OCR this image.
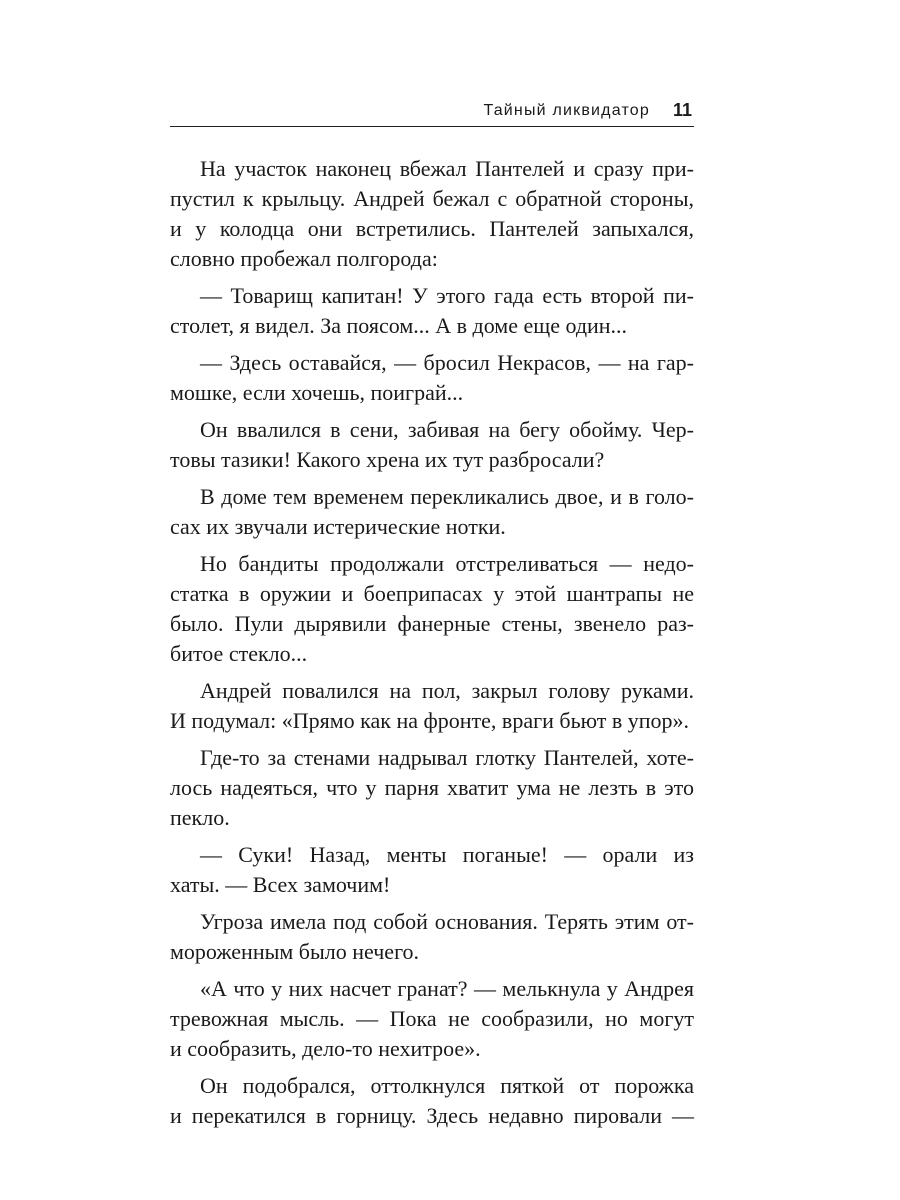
Тайный ликвидатор 11
На участок наконец вбежал Пантелей и сразу при-
пустил к крыльцу. Андрей бежал с обратной стороны,
и у колодца они встретились. Пантелей запыхался,
словно пробежал полгорода:
— Товарищ капитан! У этого гада есть второй пи-
столет, я видел. За поясом... А в доме еще один...
— Здесь оставайся, — бросил Некрасов, — на гар-
мошке, если хочешь, поиграй...
Он ввалился в сени, забивая на бегу обойму. Чер-
товы тазики! Какого хрена их тут разбросали?
В доме тем временем перекликались двое, и в голо-
сах их звучали истерические нотки.
Но бандиты продолжали отстреливаться — недо-
статка в оружии и боеприпасах у этой шантрапы не
было. Пули дырявили фанерные стены, звенело раз-
битое стекло...
Андрей повалился на пол, закрыл голову руками.
И подумал: «Прямо как на фронте, враги бьют в упор».
Где-то за стенами надрывал глотку Пантелей, хоте-
лось надеяться, что у парня хватит ума не лезть в это
пекло.
— Суки! Назад, менты поганые! — орали из
хаты. — Всех замочим!
Угроза имела под собой основания. Терять этим от-
мороженным было нечего.
«А что у них насчет гранат? — мелькнула у Андрея
тревожная мысль. — Пока не сообразили, но могут
и сообразить, дело-то нехитрое».
Он подобрался, оттолкнулся пяткой от порожка
и перекатился в горницу. Здесь недавно пировали —
